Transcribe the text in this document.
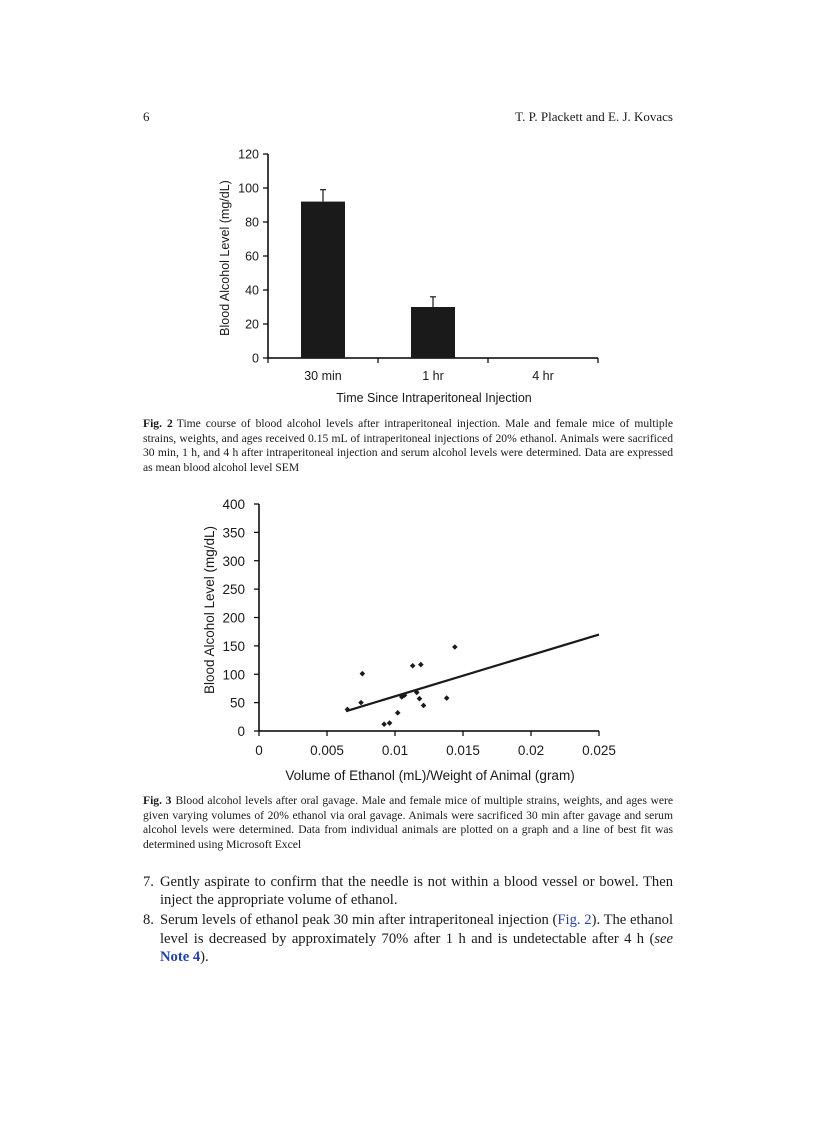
6	T. P. Plackett and E. J. Kovacs
Blood Alcohol Level (mg/dL)
Time Since Intraperitoneal Injection
0
20
40
60
80
100
120
30 min	1 hr	4 hr
Fig. 2 Time course of blood alcohol levels after intraperitoneal injection. Male and female mice of multiple strains, weights, and ages received 0.15 mL of intraperitoneal injections of 20% ethanol. Animals were sacrificed 30 min, 1 h, and 4 h after intraperitoneal injection and serum alcohol levels were determined. Data are expressed as mean blood alcohol level SEM
Blood Alcohol Level (mg/dL)
Volume of Ethanol (mL)/Weight of Animal (gram)
0
50
100
150
200
250
300
350
400
0	0.005	0.01	0.015	0.02	0.025
Fig. 3 Blood alcohol levels after oral gavage. Male and female mice of multiple strains, weights, and ages were given varying volumes of 20% ethanol via oral gavage. Animals were sacrificed 30 min after gavage and serum alcohol levels were determined. Data from individual animals are plotted on a graph and a line of best fit was determined using Microsoft Excel
7. Gently aspirate to confirm that the needle is not within a blood vessel or bowel. Then inject the appropriate volume of ethanol.
8. Serum levels of ethanol peak 30 min after intraperitoneal injection (Fig. 2). The ethanol level is decreased by approximately 70% after 1 h and is undetectable after 4 h (see Note 4).
